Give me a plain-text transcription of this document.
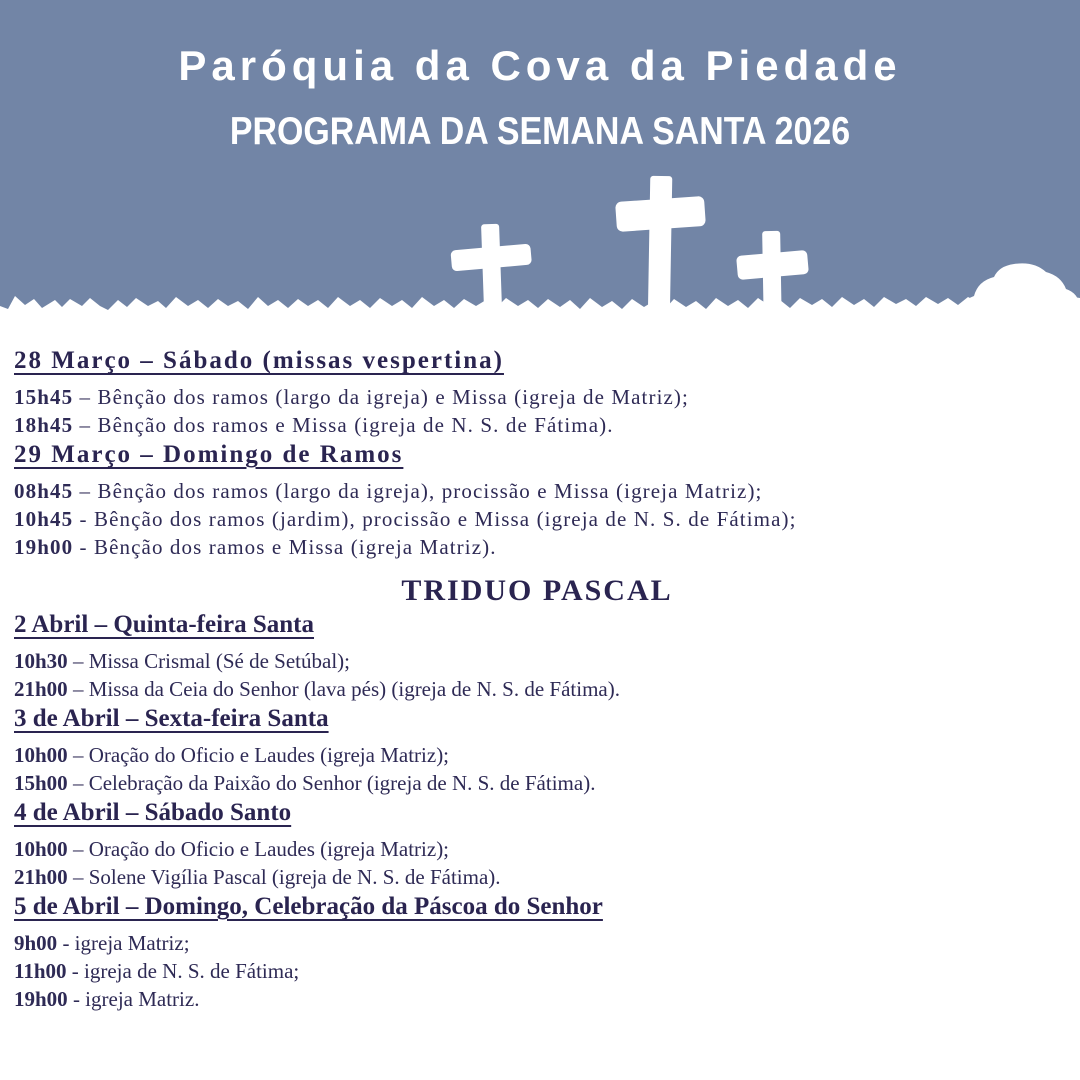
Paróquia da Cova da Piedade
PROGRAMA DA SEMANA SANTA 2026
28 Março – Sábado (missas vespertina)

15h45 – Bênção dos ramos (largo da igreja) e Missa (igreja de Matriz);

18h45 – Bênção dos ramos e Missa (igreja de N. S. de Fátima).

29 Março – Domingo de Ramos

08h45 – Bênção dos ramos (largo da igreja), procissão e Missa (igreja Matriz);

10h45 - Bênção dos ramos (jardim), procissão e Missa (igreja de N. S. de Fátima);

19h00 - Bênção dos ramos e Missa (igreja Matriz).

TRIDUO PASCAL
2 Abril – Quinta-feira Santa

10h30 – Missa Crismal (Sé de Setúbal);

21h00 – Missa da Ceia do Senhor (lava pés) (igreja de N. S. de Fátima).

3 de Abril – Sexta-feira Santa

10h00 – Oração do Oficio e Laudes (igreja Matriz);

15h00 – Celebração da Paixão do Senhor (igreja de N. S. de Fátima).

4 de Abril – Sábado Santo

10h00 – Oração do Oficio e Laudes (igreja Matriz);

21h00 – Solene Vigília Pascal (igreja de N. S. de Fátima).

5 de Abril – Domingo, Celebração da Páscoa do Senhor

9h00 - igreja Matriz;

11h00 - igreja de N. S. de Fátima;

19h00 - igreja Matriz.
